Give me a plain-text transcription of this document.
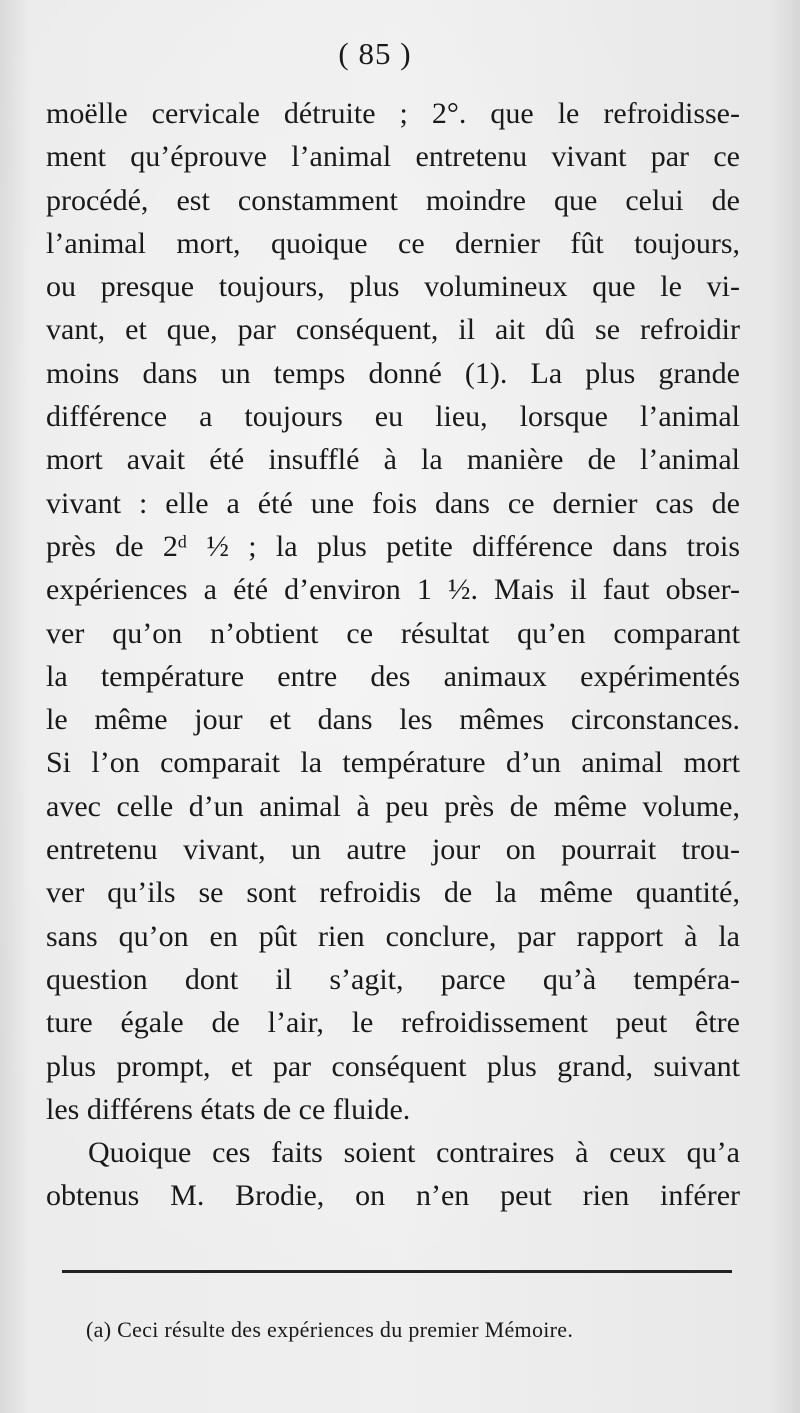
( 85 )
moëlle cervicale détruite ; 2°. que le refroidisse-
ment qu’éprouve l’animal entretenu vivant par ce
procédé, est constamment moindre que celui de
l’animal mort, quoique ce dernier fût toujours,
ou presque toujours, plus volumineux que le vi-
vant, et que, par conséquent, il ait dû se refroidir
moins dans un temps donné (1). La plus grande
différence a toujours eu lieu, lorsque l’animal
mort avait été insufflé à la manière de l’animal
vivant : elle a été une fois dans ce dernier cas de
près de 2ᵈ ½ ; la plus petite différence dans trois
expériences a été d’environ 1 ½. Mais il faut obser-
ver qu’on n’obtient ce résultat qu’en comparant
la température entre des animaux expérimentés
le même jour et dans les mêmes circonstances.
Si l’on comparait la température d’un animal mort
avec celle d’un animal à peu près de même volume,
entretenu vivant, un autre jour on pourrait trou-
ver qu’ils se sont refroidis de la même quantité,
sans qu’on en pût rien conclure, par rapport à la
question dont il s’agit, parce qu’à tempéra-
ture égale de l’air, le refroidissement peut être
plus prompt, et par conséquent plus grand, suivant
les différens états de ce fluide.
Quoique ces faits soient contraires à ceux qu’a
obtenus M. Brodie, on n’en peut rien inférer
(a) Ceci résulte des expériences du premier Mémoire.
